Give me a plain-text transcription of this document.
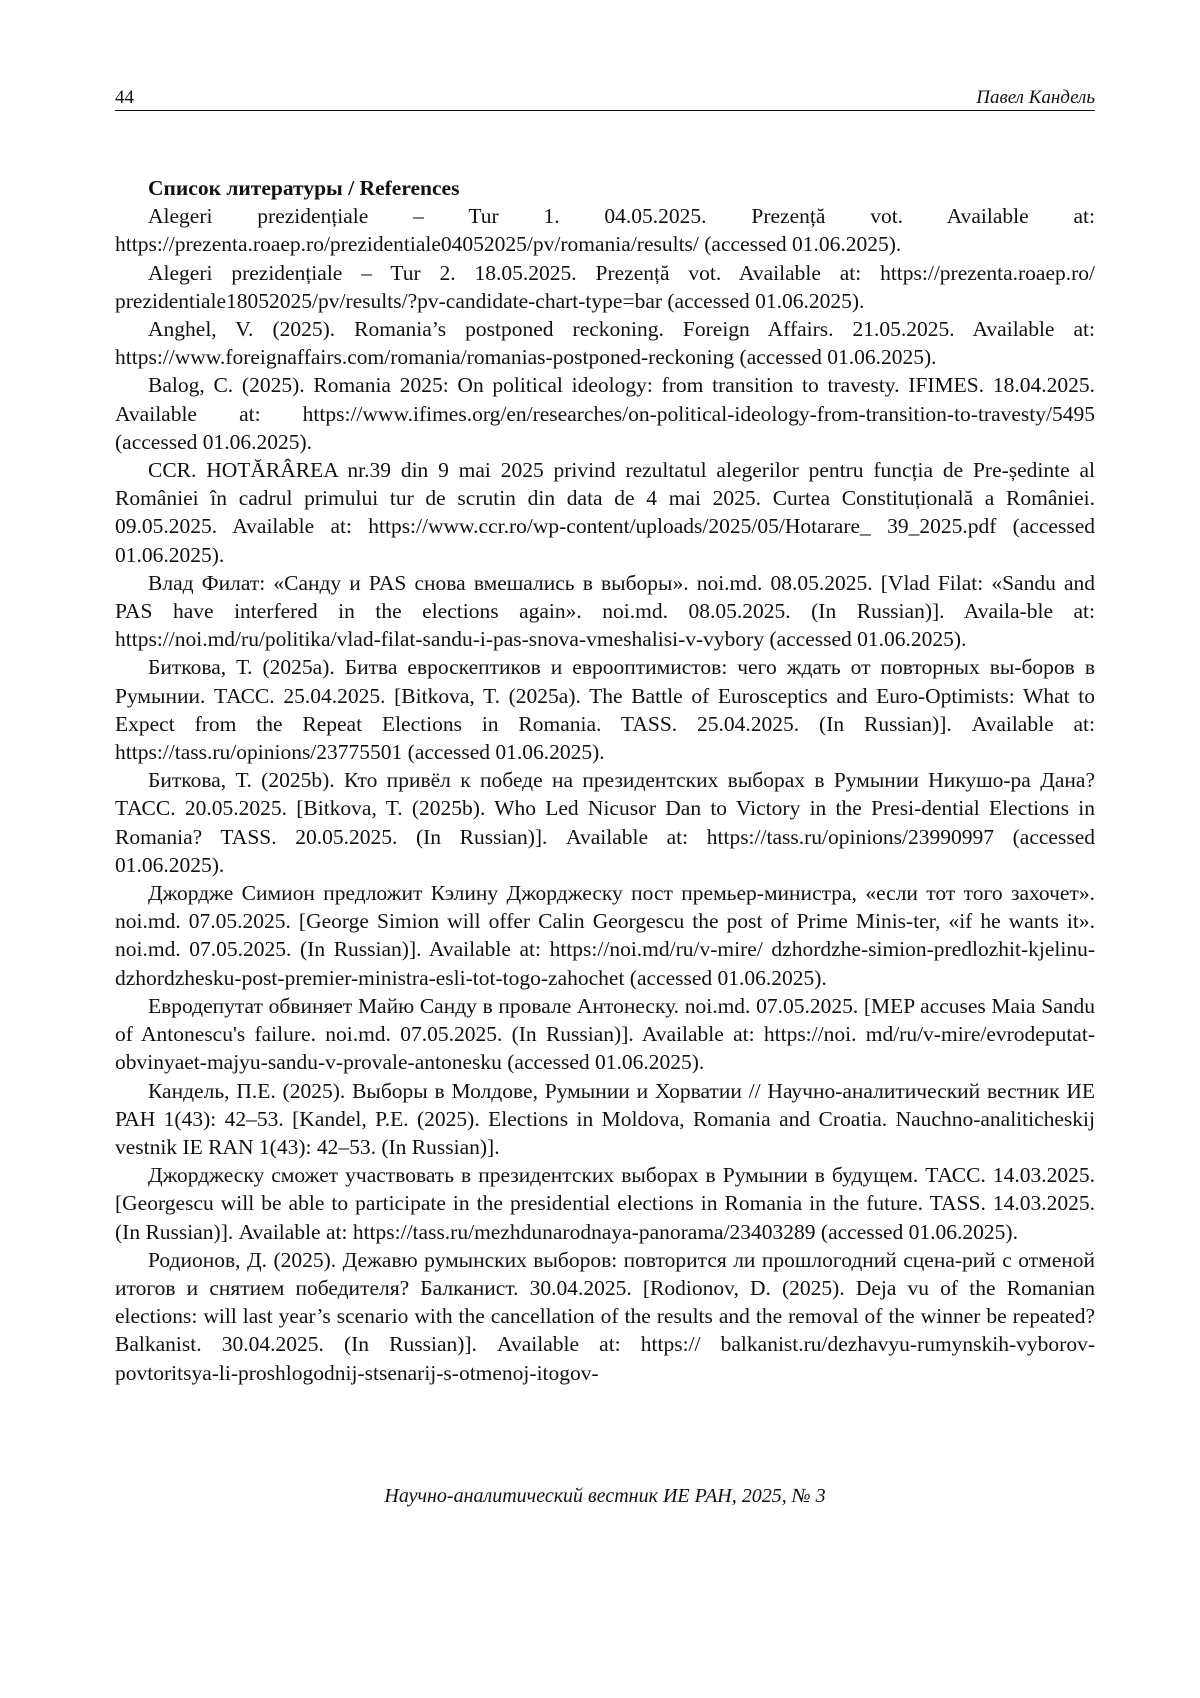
44	Павел Кандель

Список литературы / References

Alegeri prezidențiale – Tur 1. 04.05.2025. Prezență vot. Available at: https://prezenta.roaep.ro/prezidentiale04052025/pv/romania/results/ (accessed 01.06.2025).

Alegeri prezidențiale – Tur 2. 18.05.2025. Prezență vot. Available at: https://prezenta.roaep.ro/ prezidentiale18052025/pv/results/?pv-candidate-chart-type=bar (accessed 01.06.2025).

Anghel, V. (2025). Romania’s postponed reckoning. Foreign Affairs. 21.05.2025. Available at: https://www.foreignaffairs.com/romania/romanias-postponed-reckoning (accessed 01.06.2025).

Balog, C. (2025). Romania 2025: On political ideology: from transition to travesty. IFIMES. 18.04.2025. Available at: https://www.ifimes.org/en/researches/on-political-ideology-from-transition-to-travesty/5495 (accessed 01.06.2025).

CCR. HOTĂRÂREA nr.39 din 9 mai 2025 privind rezultatul alegerilor pentru funcția de Pre-ședinte al României în cadrul primului tur de scrutin din data de 4 mai 2025. Curtea Constituțională a României. 09.05.2025. Available at: https://www.ccr.ro/wp-content/uploads/2025/05/Hotarare_ 39_2025.pdf (accessed 01.06.2025).

Влад Филат: «Санду и PAS снова вмешались в выборы». noi.md. 08.05.2025. [Vlad Filat: «Sandu and PAS have interfered in the elections again». noi.md. 08.05.2025. (In Russian)]. Availa-ble at: https://noi.md/ru/politika/vlad-filat-sandu-i-pas-snova-vmeshalisi-v-vybory (accessed 01.06.2025).

Биткова, Т. (2025a). Битва евроскептиков и еврооптимистов: чего ждать от повторных вы-боров в Румынии. ТАСС. 25.04.2025. [Bitkova, T. (2025a). The Battle of Eurosceptics and Euro-Optimists: What to Expect from the Repeat Elections in Romania. TASS. 25.04.2025. (In Russian)]. Available at: https://tass.ru/opinions/23775501 (accessed 01.06.2025).

Биткова, Т. (2025b). Кто привёл к победе на президентских выборах в Румынии Никушо-ра Дана? ТАСС. 20.05.2025. [Bitkova, T. (2025b). Who Led Nicusor Dan to Victory in the Presi-dential Elections in Romania? TASS. 20.05.2025. (In Russian)]. Available at: https://tass.ru/opinions/23990997 (accessed 01.06.2025).

Джордже Симион предложит Кэлину Джорджеску пост премьер-министра, «если тот того захочет». noi.md. 07.05.2025. [George Simion will offer Calin Georgescu the post of Prime Minis-ter, «if he wants it». noi.md. 07.05.2025. (In Russian)]. Available at: https://noi.md/ru/v-mire/ dzhordzhe-simion-predlozhit-kjelinu-dzhordzhesku-post-premier-ministra-esli-tot-togo-zahochet (accessed 01.06.2025).

Евродепутат обвиняет Майю Санду в провале Антонеску. noi.md. 07.05.2025. [MEP accuses Maia Sandu of Antonescu's failure. noi.md. 07.05.2025. (In Russian)]. Available at: https://noi. md/ru/v-mire/evrodeputat-obvinyaet-majyu-sandu-v-provale-antonesku (accessed 01.06.2025).

Кандель, П.Е. (2025). Выборы в Молдове, Румынии и Хорватии // Научно-аналитический вестник ИЕ РАН 1(43): 42–53. [Kandel, P.E. (2025). Elections in Moldova, Romania and Croatia. Nauchno-analiticheskij vestnik IE RAN 1(43): 42–53. (In Russian)].

Джорджеску сможет участвовать в президентских выборах в Румынии в будущем. ТАСС. 14.03.2025. [Georgescu will be able to participate in the presidential elections in Romania in the future. TASS. 14.03.2025. (In Russian)]. Available at: https://tass.ru/mezhdunarodnaya-panorama/23403289 (accessed 01.06.2025).

Родионов, Д. (2025). Дежавю румынских выборов: повторится ли прошлогодний сцена-рий с отменой итогов и снятием победителя? Балканист. 30.04.2025. [Rodionov, D. (2025). Deja vu of the Romanian elections: will last year’s scenario with the cancellation of the results and the removal of the winner be repeated? Balkanist. 30.04.2025. (In Russian)]. Available at: https:// balkanist.ru/dezhavyu-rumynskih-vyborov-povtoritsya-li-proshlogodnij-stsenarij-s-otmenoj-itogov-

Научно-аналитический вестник ИЕ РАН, 2025, № 3
